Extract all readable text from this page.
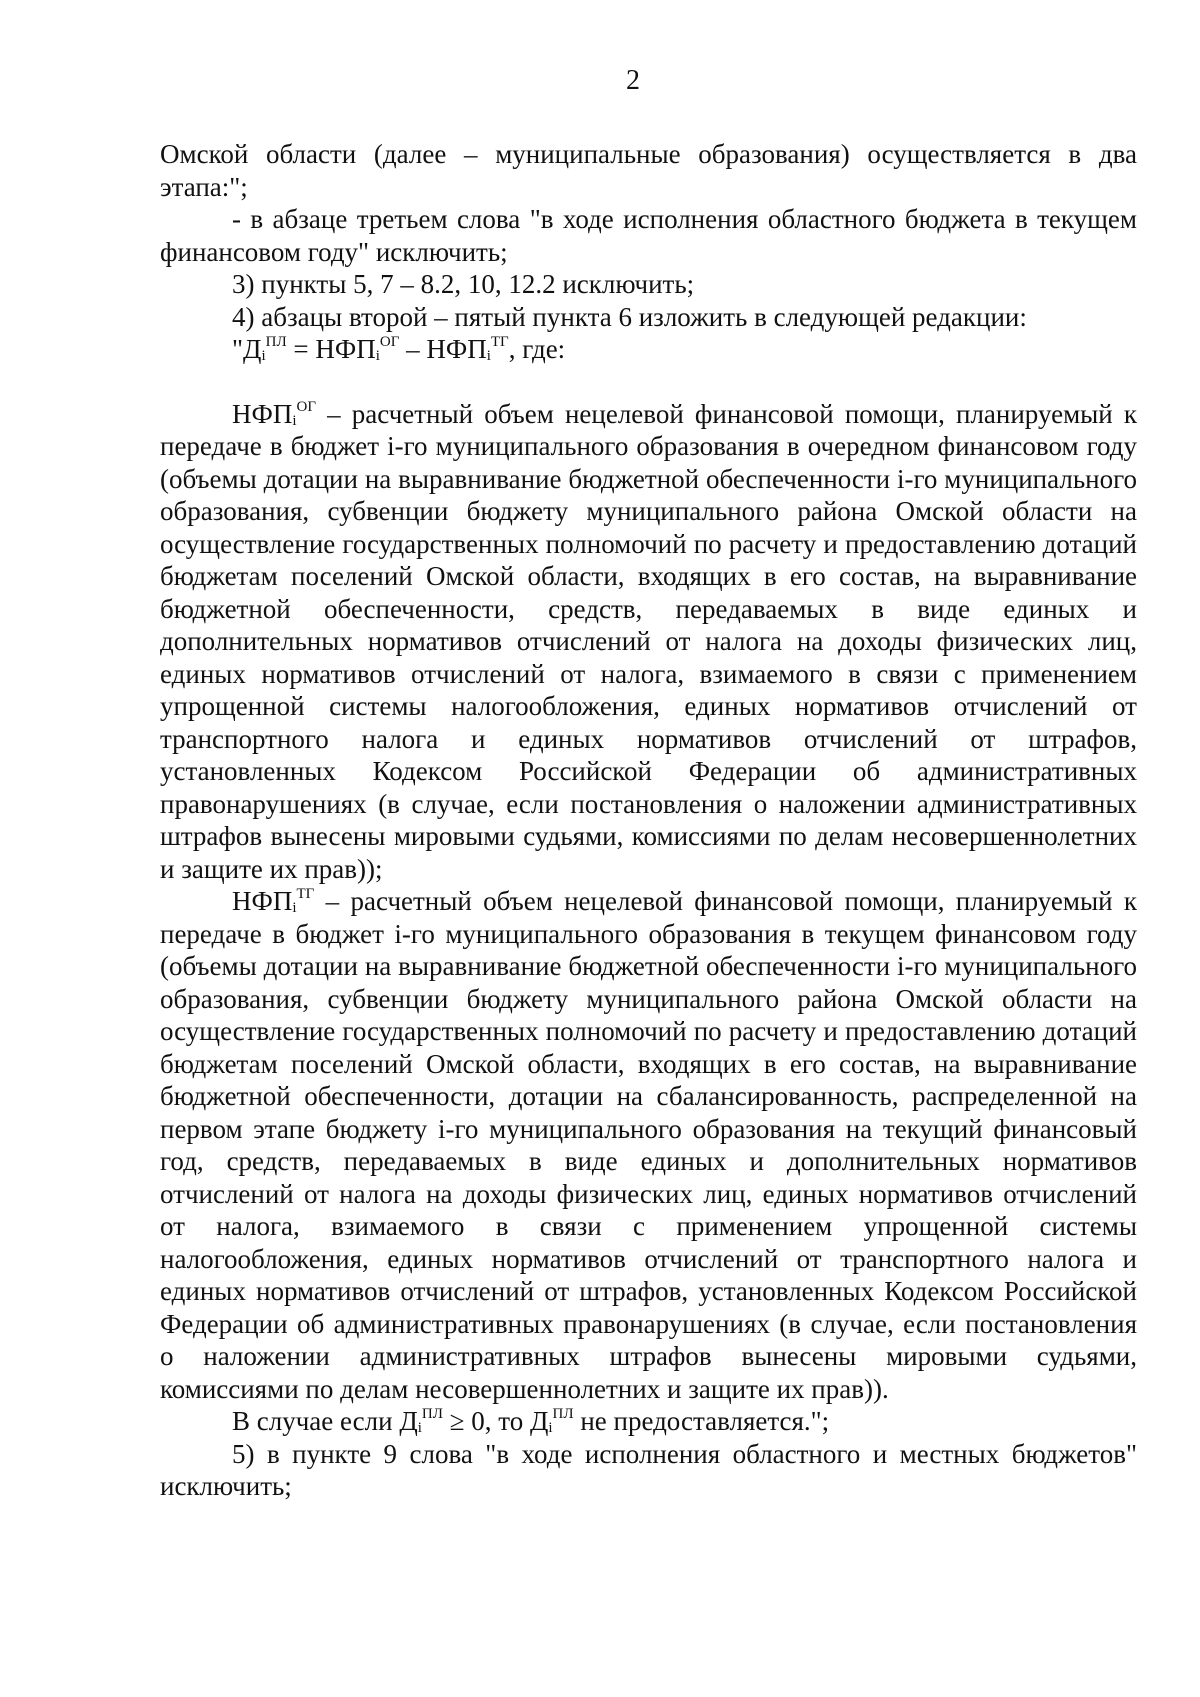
2

Омской области (далее – муниципальные образования) осуществляется в два этапа:";

- в абзаце третьем слова "в ходе исполнения областного бюджета в текущем финансовом году" исключить;

3) пункты 5, 7 – 8.2, 10, 12.2 исключить;

4) абзацы второй – пятый пункта 6 изложить в следующей редакции:

"$Д_i^{ПЛ} = НФП_i^{ОГ} - НФП_i^{ТГ}$, где:

$НФП_i^{ОГ}$ – расчетный объем нецелевой финансовой помощи, планируемый к передаче в бюджет i-го муниципального образования в очередном финансовом году (объемы дотации на выравнивание бюджетной обеспеченности i-го муниципального образования, субвенции бюджету муниципального района Омской области на осуществление государственных полномочий по расчету и предоставлению дотаций бюджетам поселений Омской области, входящих в его состав, на выравнивание бюджетной обеспеченности, средств, передаваемых в виде единых и дополнительных нормативов отчислений от налога на доходы физических лиц, единых нормативов отчислений от налога, взимаемого в связи с применением упрощенной системы налогообложения, единых нормативов отчислений от транспортного налога и единых нормативов отчислений от штрафов, установленных Кодексом Российской Федерации об административных правонарушениях (в случае, если постановления о наложении административных штрафов вынесены мировыми судьями, комиссиями по делам несовершеннолетних и защите их прав));

$НФП_i^{ТГ}$ – расчетный объем нецелевой финансовой помощи, планируемый к передаче в бюджет i-го муниципального образования в текущем финансовом году (объемы дотации на выравнивание бюджетной обеспеченности i-го муниципального образования, субвенции бюджету муниципального района Омской области на осуществление государственных полномочий по расчету и предоставлению дотаций бюджетам поселений Омской области, входящих в его состав, на выравнивание бюджетной обеспеченности, дотации на сбалансированность, распределенной на первом этапе бюджету i-го муниципального образования на текущий финансовый год, средств, передаваемых в виде единых и дополнительных нормативов отчислений от налога на доходы физических лиц, единых нормативов отчислений от налога, взимаемого в связи с применением упрощенной системы налогообложения, единых нормативов отчислений от транспортного налога и единых нормативов отчислений от штрафов, установленных Кодексом Российской Федерации об административных правонарушениях (в случае, если постановления о наложении административных штрафов вынесены мировыми судьями, комиссиями по делам несовершеннолетних и защите их прав)).

В случае если $Д_i^{ПЛ} \ge 0$, то $Д_i^{ПЛ}$ не предоставляется.";

5) в пункте 9 слова "в ходе исполнения областного и местных бюджетов" исключить;
